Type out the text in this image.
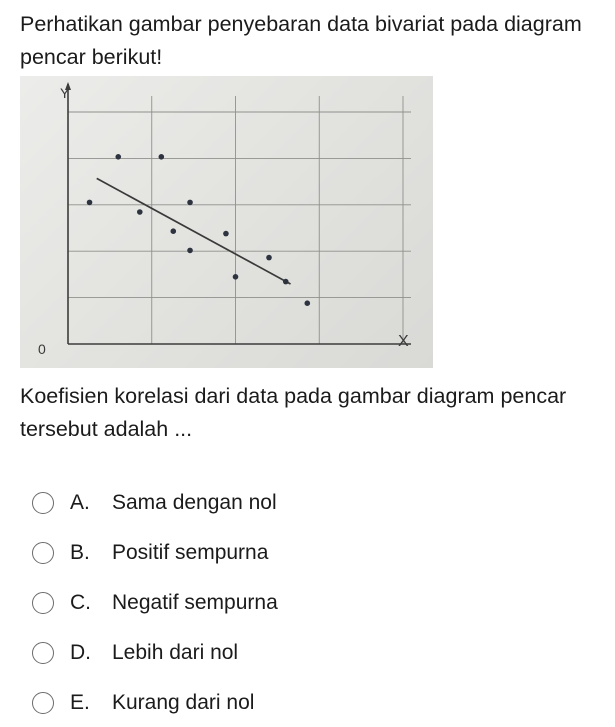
Perhatikan gambar penyebaran data bivariat pada diagram pencar berikut!

Y
X
0

Koefisien korelasi dari data pada gambar diagram pencar tersebut adalah ...

A.	Sama dengan nol
B.	Positif sempurna
C.	Negatif sempurna
D.	Lebih dari nol
E.	Kurang dari nol
